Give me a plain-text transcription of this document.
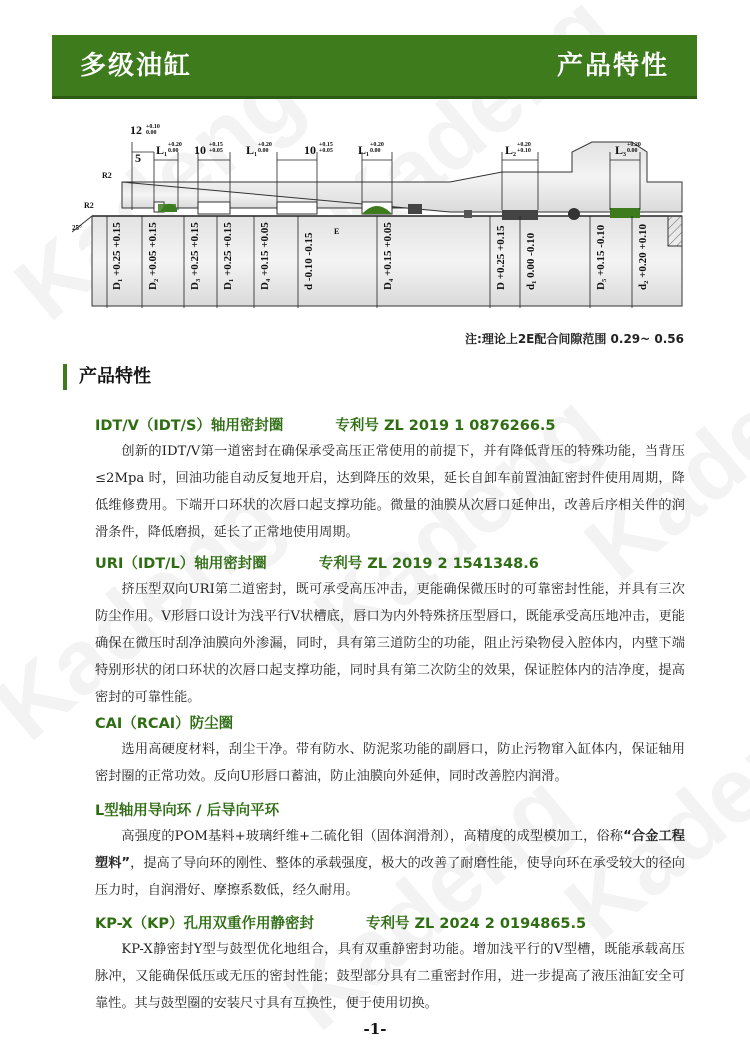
多级油缸	产品特性
12 +0.10
0.00
5
L 1
+0.20
0.00 10 +0.15
+0.05 L 1
+0.20
0.00	10 +0.15
+0.05 L 1
+0.20
0.00	L 2
+0.20
+0.10	L 3
+0.20
0.00
R2
R2
25°	E
D₁ +0.25 +0.15 D₂ +0.05 +0.15	D₃ +0.25 +0.15 D₁ +0.25 +0.15 D₄ +0.15 +0.05	d -0.10 -0.15	D₄ +0.15 +0.05	D +0.25 +0.15 d₁ 0.00 -0.10	D₅ +0.15 -0.10	d₂ +0.20 +0.10
注:理论上2E配合间隙范围 0.29~ 0.56
产品特性
IDT/V（IDT/S）轴用密封圈	专利号 ZL 2019 1 0876266.5
创新的IDT/V第一道密封在确保承受高压正常使用的前提下，并有降低背压的特殊功能，当背压≤2Mpa 时，回油功能自动反复地开启，达到降压的效果，延长自卸车前置油缸密封件使用周期，降低维修费用。下端开口环状的次唇口起支撑功能。微量的油膜从次唇口延伸出，改善后序相关件的润滑条件，降低磨损，延长了正常地使用周期。
URI（IDT/L）轴用密封圈	专利号 ZL 2019 2 1541348.6
挤压型双向URI第二道密封，既可承受高压冲击，更能确保微压时的可靠密封性能，并具有三次防尘作用。V形唇口设计为浅平行V状槽底，唇口为内外特殊挤压型唇口，既能承受高压地冲击，更能确保在微压时刮净油膜向外渗漏，同时，具有第三道防尘的功能，阻止污染物侵入腔体内，内壁下端特别形状的闭口环状的次唇口起支撑功能，同时具有第二次防尘的效果，保证腔体内的洁净度，提高密封的可靠性能。
CAI（RCAI）防尘圈
选用高硬度材料，刮尘干净。带有防水、防泥浆功能的副唇口，防止污物窜入缸体内，保证轴用密封圈的正常功效。反向U形唇口蓄油，防止油膜向外延伸，同时改善腔内润滑。
L型轴用导向环 / 后导向平环
高强度的POM基料+玻璃纤维+二硫化钼（固体润滑剂），高精度的成型模加工，俗称“合金工程塑料”，提高了导向环的刚性、整体的承载强度，极大的改善了耐磨性能，使导向环在承受较大的径向压力时，自润滑好、摩擦系数低，经久耐用。
KP-X（KP）孔用双重作用静密封	专利号 ZL 2024 2 0194865.5
KP-X静密封Y型与鼓型优化地组合，具有双重静密封功能。增加浅平行的V型槽，既能承载高压脉冲，又能确保低压或无压的密封性能；鼓型部分具有二重密封作用，进一步提高了液压油缸安全可靠性。其与鼓型圈的安装尺寸具有互换性，便于使用切换。
-1-
